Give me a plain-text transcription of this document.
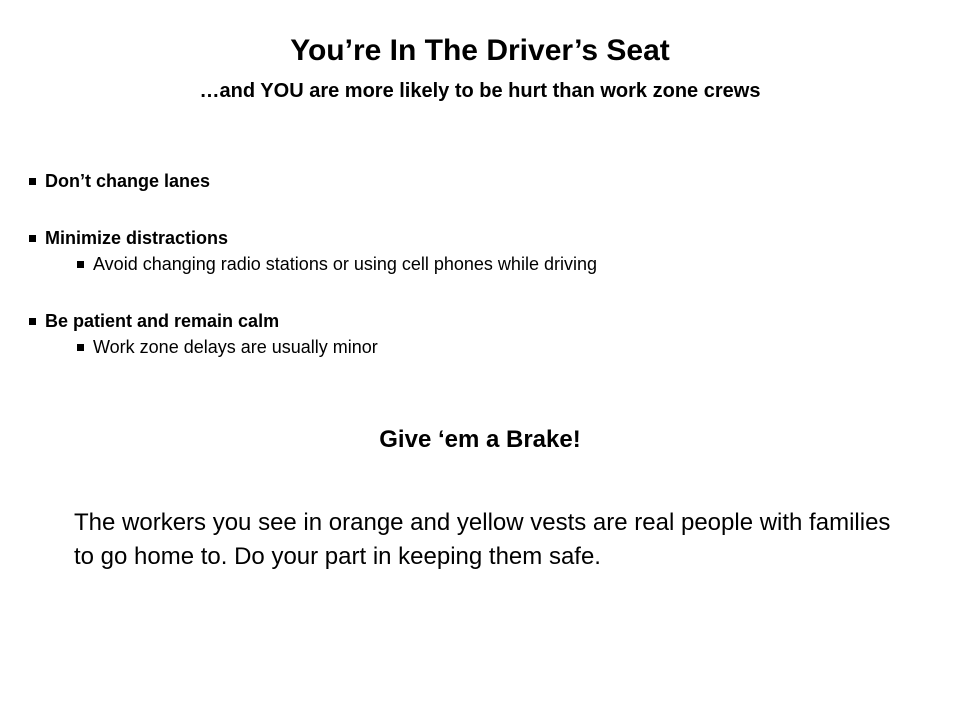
You’re In The Driver’s Seat
…and YOU are more likely to be hurt than work zone crews
Don’t change lanes
Minimize distractions
Avoid changing radio stations or using cell phones while driving
Be patient and remain calm
Work zone delays are usually minor
Give ‘em a Brake!
The workers you see in orange and yellow vests are real people with families to go home to. Do your part in keeping them safe.
